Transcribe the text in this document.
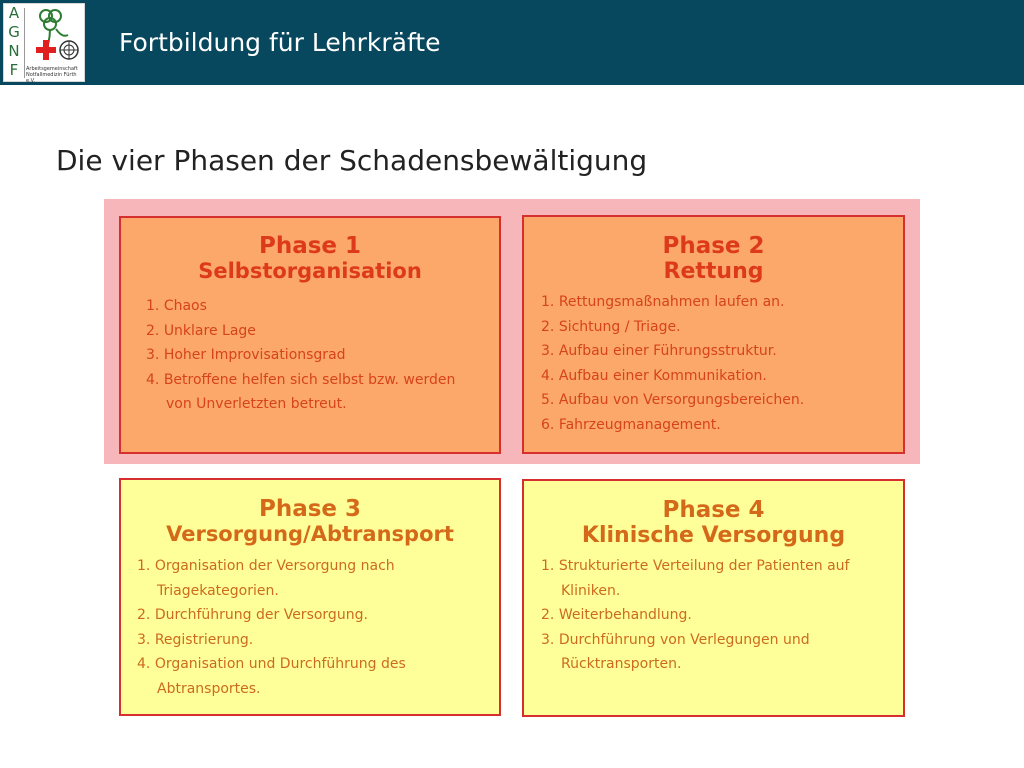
A
G
N
F	Arbeitsgemeinschaft
Notfallmedizin Fürth e.V.
Fortbildung für Lehrkräfte
Die vier Phasen der Schadensbewältigung
Phase 1
Selbstorganisation
1. Chaos
2. Unklare Lage
3. Hoher Improvisationsgrad
4. Betroffene helfen sich selbst bzw. werden
von Unverletzten betreut.
Phase 2
Rettung
1. Rettungsmaßnahmen laufen an.
2. Sichtung / Triage.
3. Aufbau einer Führungsstruktur.
4. Aufbau einer Kommunikation.
5. Aufbau von Versorgungsbereichen.
6. Fahrzeugmanagement.
Phase 3
Versorgung/Abtransport
1. Organisation der Versorgung nach
Triagekategorien.
2. Durchführung der Versorgung.
3. Registrierung.
4. Organisation und Durchführung des
Abtransportes.
Phase 4
Klinische Versorgung
1. Strukturierte Verteilung der Patienten auf
Kliniken.
2. Weiterbehandlung.
3. Durchführung von Verlegungen und
Rücktransporten.
